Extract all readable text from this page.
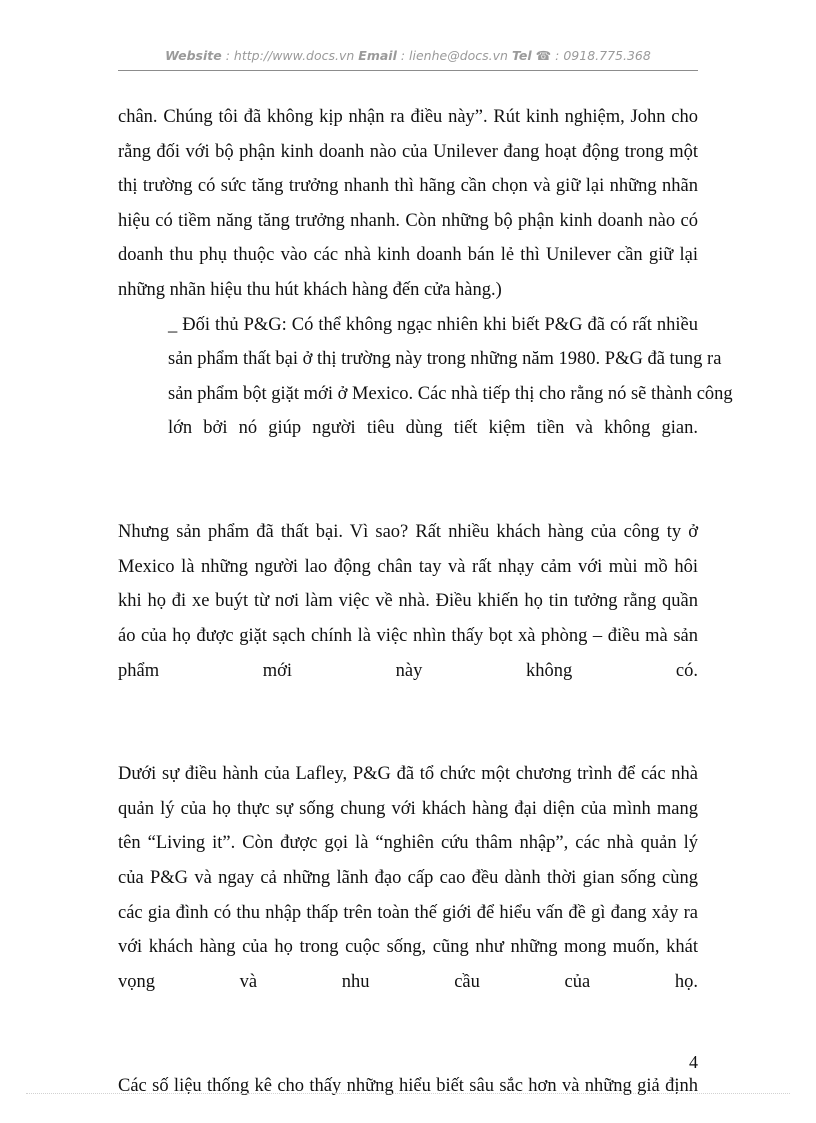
Website : http://www.docs.vn Email : lienhe@docs.vn Tel ☎ : 0918.775.368

chân. Chúng tôi đã không kịp nhận ra điều này”. Rút kinh nghiệm, John cho
rằng đối với bộ phận kinh doanh nào của Unilever đang hoạt động trong một
thị trường có sức tăng trưởng nhanh thì hãng cần chọn và giữ lại những nhãn
hiệu có tiềm năng tăng trưởng nhanh. Còn những bộ phận kinh doanh nào có
doanh thu phụ thuộc vào các nhà kinh doanh bán lẻ thì Unilever cần giữ lại
những nhãn hiệu thu hút khách hàng đến cửa hàng.)

_ Đối thủ P&G: Có thể không ngạc nhiên khi biết P&G đã có rất nhiều
sản phẩm thất bại ở thị trường này trong những năm 1980. P&G đã tung ra
sản phẩm bột giặt mới ở Mexico. Các nhà tiếp thị cho rằng nó sẽ thành công
lớn bởi nó giúp người tiêu dùng tiết kiệm tiền và không gian.

Nhưng sản phẩm đã thất bại. Vì sao? Rất nhiều khách hàng của công ty ở
Mexico là những người lao động chân tay và rất nhạy cảm với mùi mồ hôi
khi họ đi xe buýt từ nơi làm việc về nhà. Điều khiến họ tin tưởng rằng quần
áo của họ được giặt sạch chính là việc nhìn thấy bọt xà phòng – điều mà sản
phẩm mới này không có.

Dưới sự điều hành của Lafley, P&G đã tổ chức một chương trình để các nhà
quản lý của họ thực sự sống chung với khách hàng đại diện của mình mang
tên “Living it”. Còn được gọi là “nghiên cứu thâm nhập”, các nhà quản lý
của P&G và ngay cả những lãnh đạo cấp cao đều dành thời gian sống cùng
các gia đình có thu nhập thấp trên toàn thế giới để hiểu vấn đề gì đang xảy ra
với khách hàng của họ trong cuộc sống, cũng như những mong muốn, khát
vọng và nhu cầu của họ.

Các số liệu thống kê cho thấy những hiểu biết sâu sắc hơn và những giả định

4
